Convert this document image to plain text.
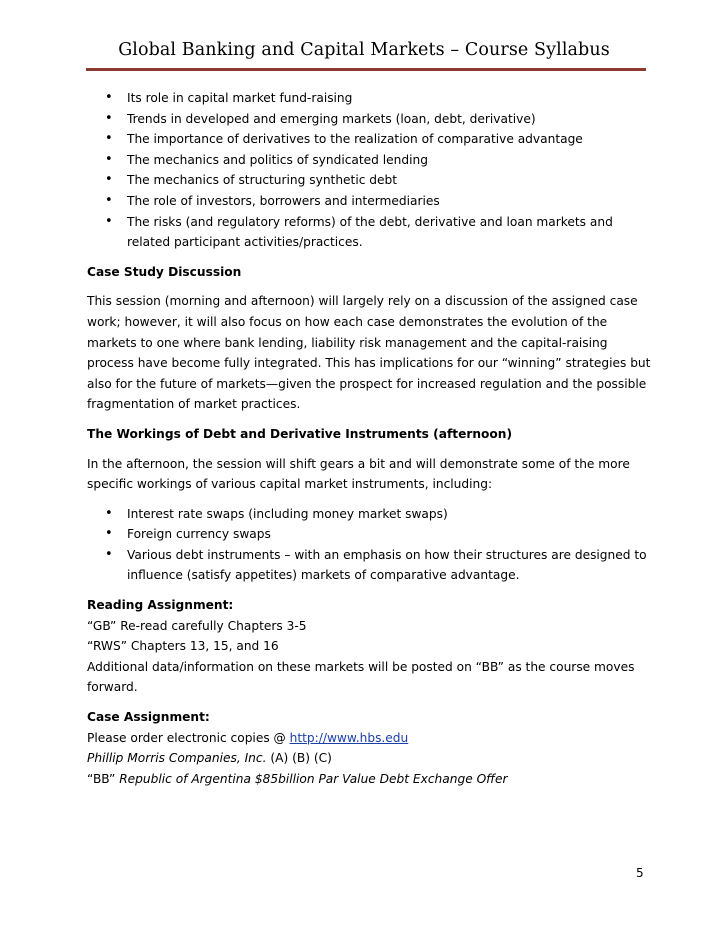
Global Banking and Capital Markets – Course Syllabus
• Its role in capital market fund-raising
• Trends in developed and emerging markets (loan, debt, derivative)
• The importance of derivatives to the realization of comparative advantage
• The mechanics and politics of syndicated lending
• The mechanics of structuring synthetic debt
• The role of investors, borrowers and intermediaries
• The risks (and regulatory reforms) of the debt, derivative and loan markets and related participant activities/practices.

Case Study Discussion

This session (morning and afternoon) will largely rely on a discussion of the assigned case work; however, it will also focus on how each case demonstrates the evolution of the markets to one where bank lending, liability risk management and the capital-raising process have become fully integrated. This has implications for our “winning” strategies but also for the future of markets—given the prospect for increased regulation and the possible fragmentation of market practices.

The Workings of Debt and Derivative Instruments (afternoon)

In the afternoon, the session will shift gears a bit and will demonstrate some of the more specific workings of various capital market instruments, including:

• Interest rate swaps (including money market swaps)
• Foreign currency swaps
• Various debt instruments – with an emphasis on how their structures are designed to influence (satisfy appetites) markets of comparative advantage.

Reading Assignment:

“GB” Re-read carefully Chapters 3-5

“RWS” Chapters 13, 15, and 16

Additional data/information on these markets will be posted on “BB” as the course moves forward.

Case Assignment:

Please order electronic copies @ http://www.hbs.edu

Phillip Morris Companies, Inc. (A) (B) (C)

“BB” Republic of Argentina $85billion Par Value Debt Exchange Offer

5
